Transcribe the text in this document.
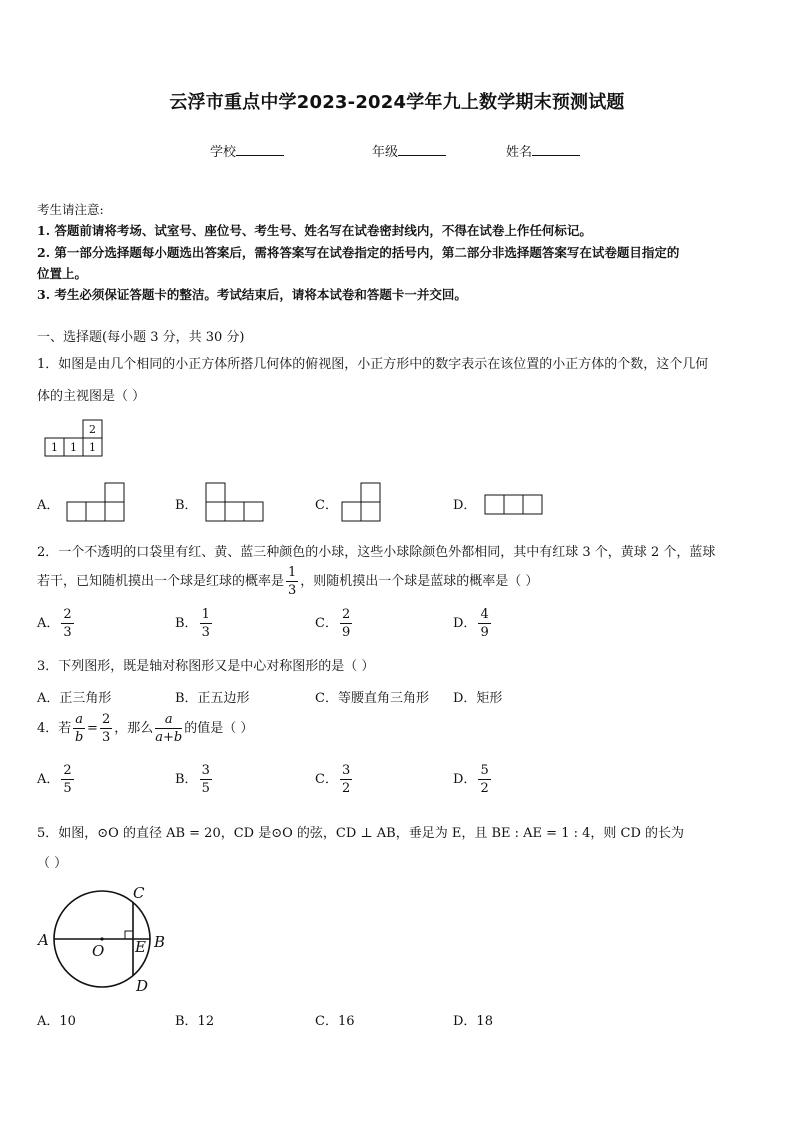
云浮市重点中学2023-2024学年九上数学期末预测试题
学校	年级	姓名
考生请注意:
1. 答题前请将考场、试室号、座位号、考生号、姓名写在试卷密封线内，不得在试卷上作任何标记。
2. 第一部分选择题每小题选出答案后，需将答案写在试卷指定的括号内，第二部分非选择题答案写在试卷题目指定的
位置上。
3. 考生必须保证答题卡的整洁。考试结束后，请将本试卷和答题卡一并交回。
一、选择题(每小题 3 分，共 30 分)
1．如图是由几个相同的小正方体所搭几何体的俯视图，小正方形中的数字表示在该位置的小正方体的个数，这个几何
体的主视图是（ ）
2
1 1 1
A．	B．	C．	D．
2．一个不透明的口袋里有红、黄、蓝三种颜色的小球，这些小球除颜色外都相同，其中有红球 3 个，黄球 2 个，蓝球
若干，已知随机摸出一个球是红球的概率是 $\frac{1}{3}$ ，则随机摸出一个球是蓝球的概率是（ ）
A． $\frac{2}{3}$	B． $\frac{1}{3}$	C． $\frac{2}{9}$	D． $\frac{4}{9}$
3．下列图形，既是轴对称图形又是中心对称图形的是（ ）
A．正三角形	B．正五边形	C．等腰直角三角形 D．矩形
4．若 $\frac{a}{b} = \frac{2}{3}$ ，那么 $\frac{a}{a+b}$ 的值是（ ）
A． $\frac{2}{5}$	B． $\frac{3}{5}$	C． $\frac{3}{2}$	D． $\frac{5}{2}$
5．如图，⊙O 的直径 AB = 20，CD 是⊙O 的弦，CD ⊥ AB，垂足为 E，且 BE : AE = 1 : 4，则 CD 的长为
（ ）
A	B
C
D
E
O
A．10	B．12	C．16	D．18
